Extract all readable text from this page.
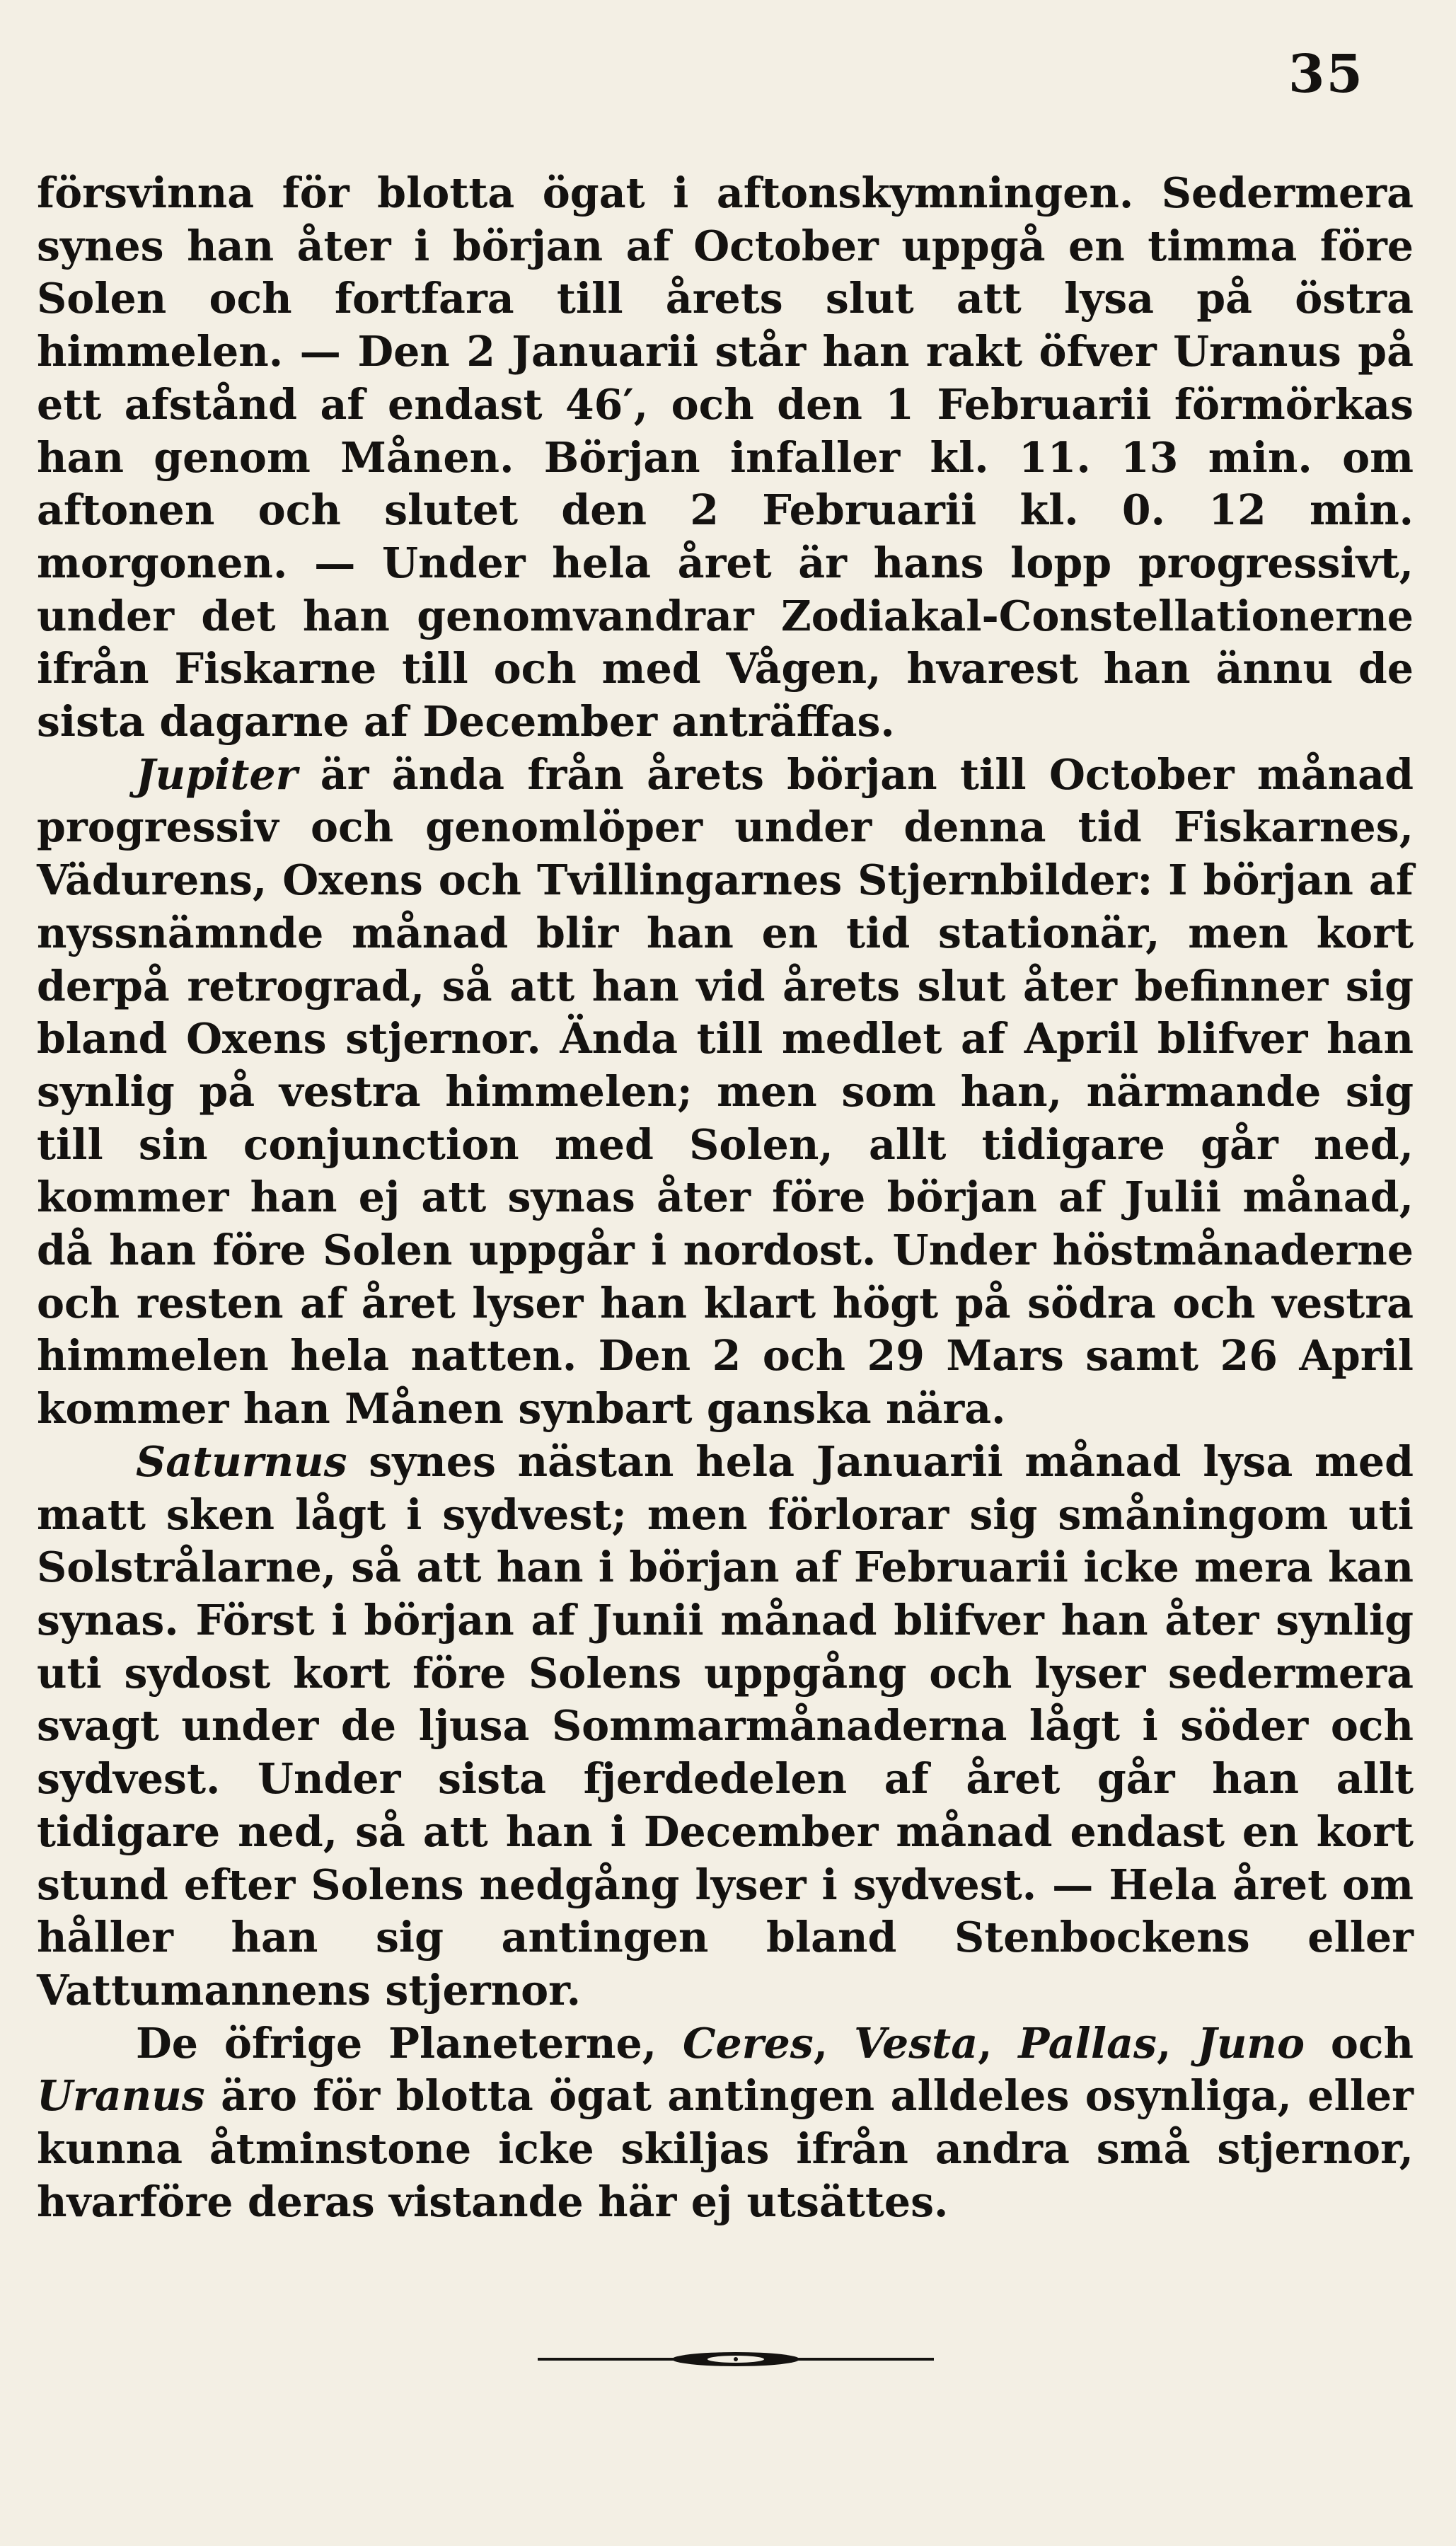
35

försvinna för blotta ögat i aftonskymningen. Sedermera synes han åter i början af October uppgå en timma före Solen och fortfara till årets slut att lysa på östra himmelen. — Den 2 Januarii står han rakt öfver Uranus på ett afstånd af endast 46′, och den 1 Februarii förmörkas han genom Månen. Början infaller kl. 11. 13 min. om aftonen och slutet den 2 Februarii kl. 0. 12 min. morgonen. — Under hela året är hans lopp progressivt, under det han genomvandrar Zodiakal-Constellationerne ifrån Fiskarne till och med Vågen, hvarest han ännu de sista dagarne af December anträffas.

Jupiter är ända från årets början till October månad progressiv och genomlöper under denna tid Fiskarnes, Vädurens, Oxens och Tvillingarnes Stjernbilder: I början af nyssnämnde månad blir han en tid stationär, men kort derpå retrograd, så att han vid årets slut åter befinner sig bland Oxens stjernor. Ända till medlet af April blifver han synlig på vestra himmelen; men som han, närmande sig till sin conjunction med Solen, allt tidigare går ned, kommer han ej att synas åter före början af Julii månad, då han före Solen uppgår i nordost. Under höstmånaderne och resten af året lyser han klart högt på södra och vestra himmelen hela natten. Den 2 och 29 Mars samt 26 April kommer han Månen synbart ganska nära.

Saturnus synes nästan hela Januarii månad lysa med matt sken lågt i sydvest; men förlorar sig småningom uti Solstrålarne, så att han i början af Februarii icke mera kan synas. Först i början af Junii månad blifver han åter synlig uti sydost kort före Solens uppgång och lyser sedermera svagt under de ljusa Sommarmånaderna lågt i söder och sydvest. Under sista fjerdedelen af året går han allt tidigare ned, så att han i December månad endast en kort stund efter Solens nedgång lyser i sydvest. — Hela året om håller han sig antingen bland Stenbockens eller Vattumannens stjernor.

De öfrige Planeterne, Ceres, Vesta, Pallas, Juno och Uranus äro för blotta ögat antingen alldeles osynliga, eller kunna åtminstone icke skiljas ifrån andra små stjernor, hvarföre deras vistande här ej utsättes.
